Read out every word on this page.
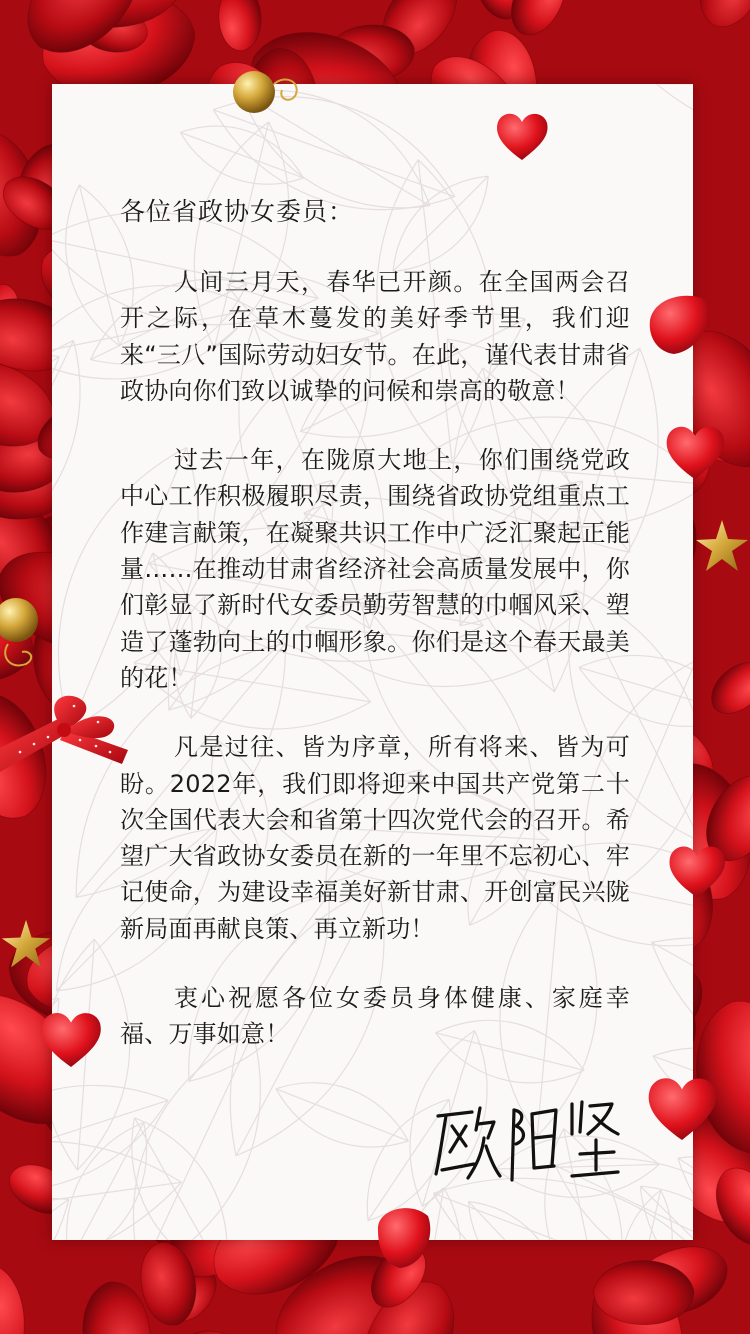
各位省政协女委员：

人间三月天，春华已开颜。在全国两会召开之际，在草木蔓发的美好季节里，我们迎来“三八”国际劳动妇女节。在此，谨代表甘肃省政协向你们致以诚挚的问候和崇高的敬意！

过去一年，在陇原大地上，你们围绕党政中心工作积极履职尽责，围绕省政协党组重点工作建言献策，在凝聚共识工作中广泛汇聚起正能量……在推动甘肃省经济社会高质量发展中，你们彰显了新时代女委员勤劳智慧的巾帼风采、塑造了蓬勃向上的巾帼形象。你们是这个春天最美的花！

凡是过往、皆为序章，所有将来、皆为可盼。2022年，我们即将迎来中国共产党第二十次全国代表大会和省第十四次党代会的召开。希望广大省政协女委员在新的一年里不忘初心、牢记使命，为建设幸福美好新甘肃、开创富民兴陇新局面再献良策、再立新功！

衷心祝愿各位女委员身体健康、家庭幸福、万事如意！
